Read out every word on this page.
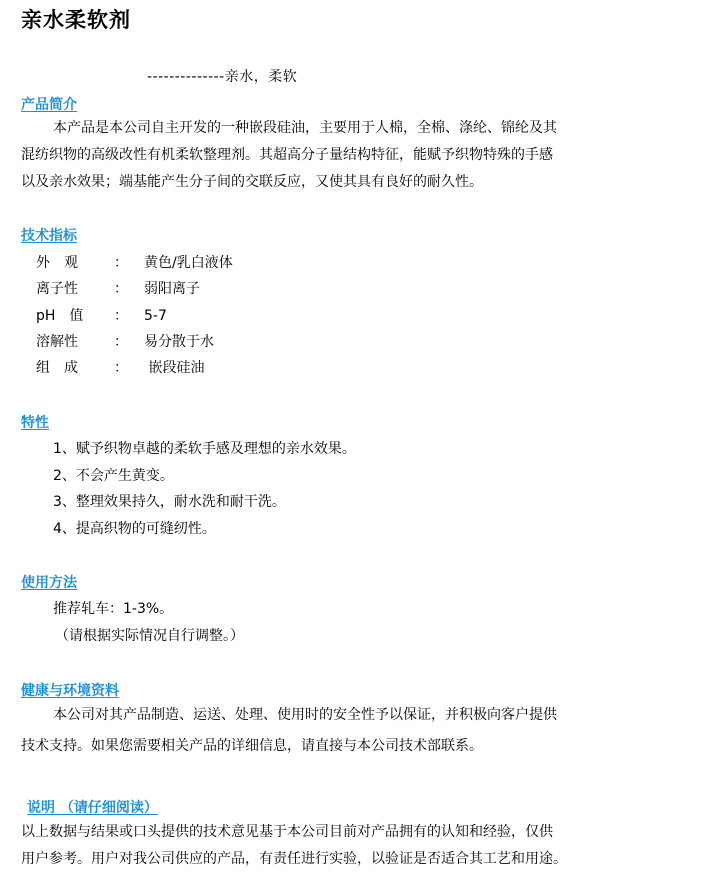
亲水柔软剂
--------------亲水，柔软
产品简介
本产品是本公司自主开发的一种嵌段硅油，主要用于人棉，全棉、涤纶、锦纶及其
混纺织物的高级改性有机柔软整理剂。其超高分子量结构特征，能赋予织物特殊的手感
以及亲水效果；端基能产生分子间的交联反应，又使其具有良好的耐久性。
技术指标
外　观	： 黄色/乳白液体
离子性	： 弱阳离子
pH　值 ： 5-7
溶解性	： 易分散于水
组　成	： 嵌段硅油
特性
1、赋予织物卓越的柔软手感及理想的亲水效果。
2、不会产生黄变。
3、整理效果持久，耐水洗和耐干洗。
4、提高织物的可缝纫性。
使用方法
推荐轧车：1-3%。
（请根据实际情况自行调整。）
健康与环境资料
本公司对其产品制造、运送、处理、使用时的安全性予以保证，并积极向客户提供
技术支持。如果您需要相关产品的详细信息，请直接与本公司技术部联系。
说明 （请仔细阅读）
以上数据与结果或口头提供的技术意见基于本公司目前对产品拥有的认知和经验，仅供
用户参考。用户对我公司供应的产品，有责任进行实验，以验证是否适合其工艺和用途。
